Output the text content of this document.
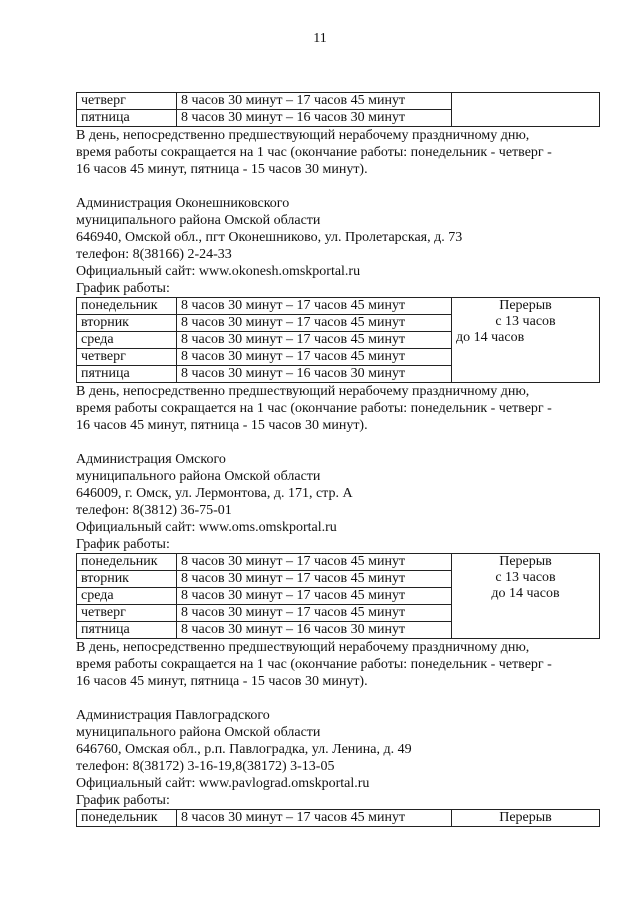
11
четверг	8 часов 30 минут – 17 часов 45 минут	
пятница	8 часов 30 минут – 16 часов 30 минут	

В день, непосредственно предшествующий нерабочему праздничному дню,

время работы сокращается на 1 час (окончание работы: понедельник - четверг -

16 часов 45 минут, пятница - 15 часов 30 минут).

Администрация Оконешниковского
муниципального района Омской области
646940, Омской обл., пгт Оконешниково, ул. Пролетарская, д. 73
телефон: 8(38166) 2-24-33
Официальный сайт: www.okonesh.omskportal.ru
График работы:
понедельник	8 часов 30 минут – 17 часов 45 минут	Перерыв
с 13 часов
до 14 часов

вторник	8 часов 30 минут – 17 часов 45 минут	
среда	8 часов 30 минут – 17 часов 45 минут	
четверг	8 часов 30 минут – 17 часов 45 минут	
пятница	8 часов 30 минут – 16 часов 30 минут	

В день, непосредственно предшествующий нерабочему праздничному дню,

время работы сокращается на 1 час (окончание работы: понедельник - четверг -

16 часов 45 минут, пятница - 15 часов 30 минут).

Администрация Омского
муниципального района Омской области
646009, г. Омск, ул. Лермонтова, д. 171, стр. А
телефон: 8(3812) 36-75-01
Официальный сайт: www.oms.omskportal.ru
График работы:
понедельник	8 часов 30 минут – 17 часов 45 минут	Перерыв
с 13 часов
до 14 часов

вторник	8 часов 30 минут – 17 часов 45 минут	
среда	8 часов 30 минут – 17 часов 45 минут	
четверг	8 часов 30 минут – 17 часов 45 минут	
пятница	8 часов 30 минут – 16 часов 30 минут	

В день, непосредственно предшествующий нерабочему праздничному дню,

время работы сокращается на 1 час (окончание работы: понедельник - четверг -

16 часов 45 минут, пятница - 15 часов 30 минут).

Администрация Павлоградского
муниципального района Омской области
646760, Омская обл., р.п. Павлоградка, ул. Ленина, д. 49
телефон: 8(38172) 3-16-19,8(38172) 3-13-05
Официальный сайт: www.pavlograd.omskportal.ru
График работы:
понедельник	8 часов 30 минут – 17 часов 45 минут	Перерыв
